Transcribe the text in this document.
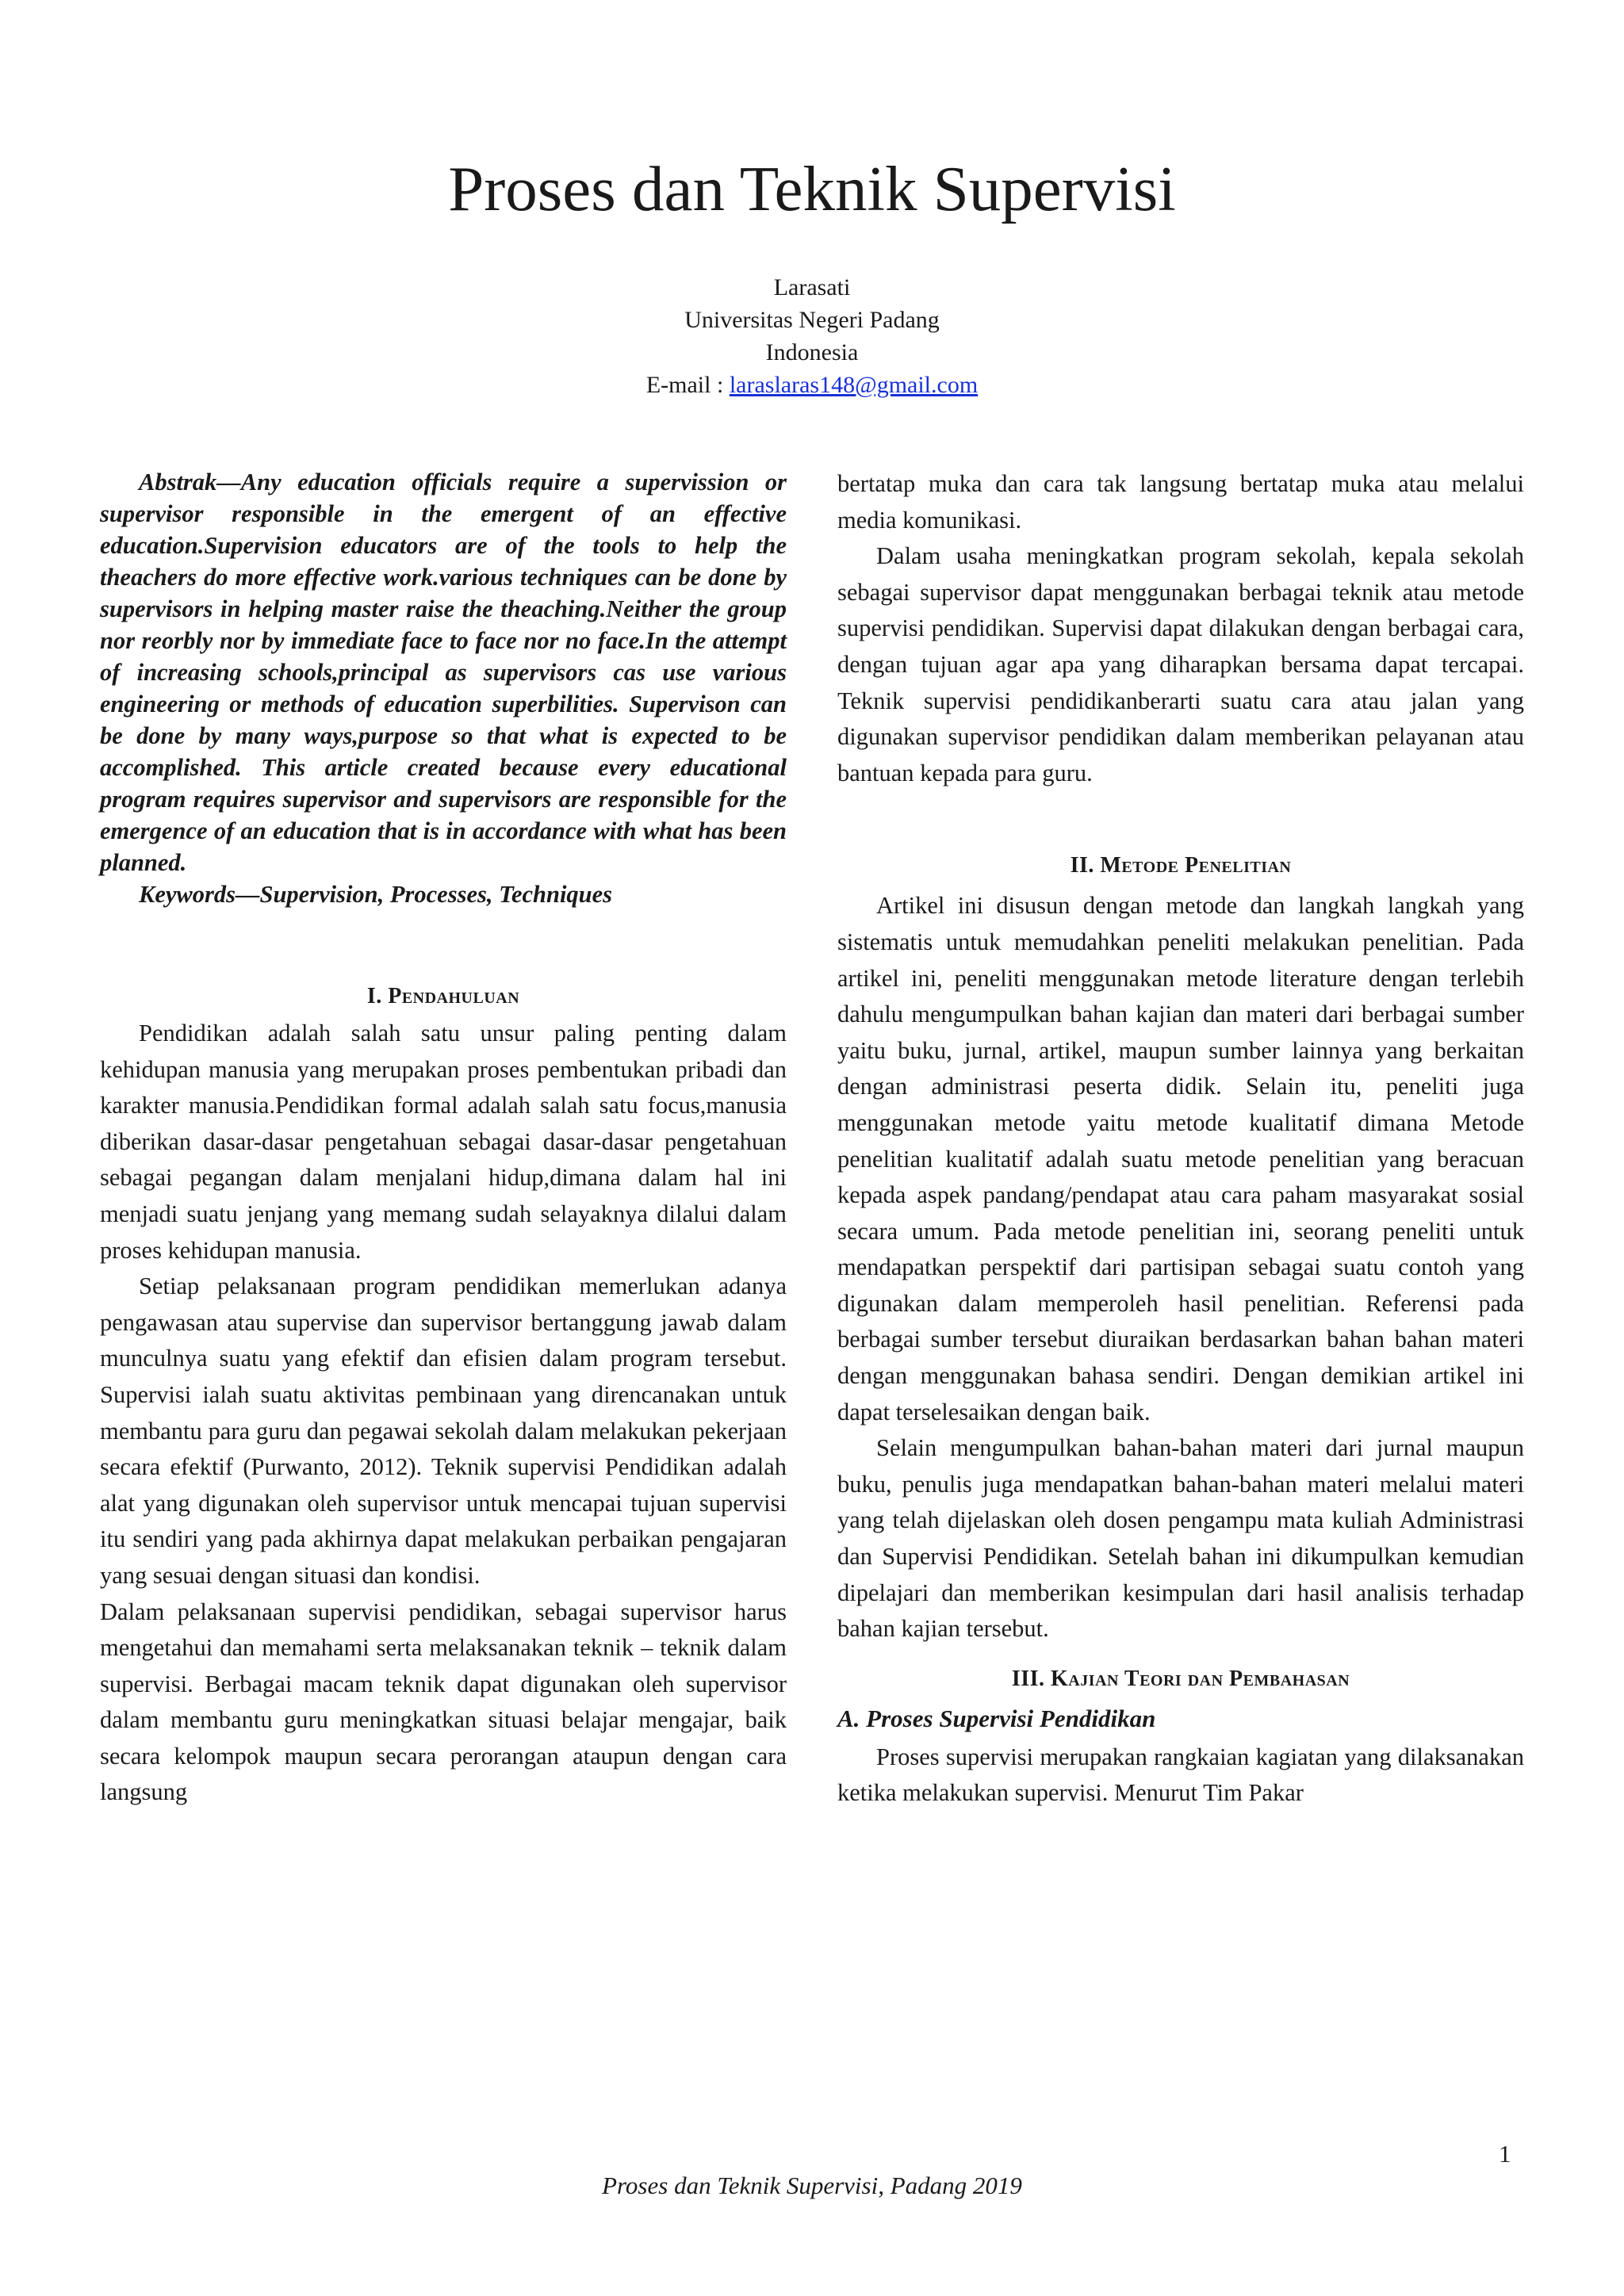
Proses dan Teknik Supervisi
Larasati
Universitas Negeri Padang
Indonesia
E-mail : laraslaras148@gmail.com

Abstrak—Any education officials require a supervission or supervisor responsible in the emergent of an effective education.Supervision educators are of the tools to help the theachers do more effective work.various techniques can be done by supervisors in helping master raise the theaching.Neither the group nor reorbly nor by immediate face to face nor no face.In the attempt of increasing schools,principal as supervisors cas use various engineering or methods of education superbilities. Supervison can be done by many ways,purpose so that what is expected to be accomplished. This article created because every educational program requires supervisor and supervisors are responsible for the emergence of an education that is in accordance with what has been planned.

Keywords—Supervision, Processes, Techniques

I. Pendahuluan

Pendidikan adalah salah satu unsur paling penting dalam kehidupan manusia yang merupakan proses pembentukan pribadi dan karakter manusia.Pendidikan formal adalah salah satu focus,manusia diberikan dasar-dasar pengetahuan sebagai dasar-dasar pengetahuan sebagai pegangan dalam menjalani hidup,dimana dalam hal ini menjadi suatu jenjang yang memang sudah selayaknya dilalui dalam proses kehidupan manusia.

Setiap pelaksanaan program pendidikan memerlukan adanya pengawasan atau supervise dan supervisor bertanggung jawab dalam munculnya suatu yang efektif dan efisien dalam program tersebut. Supervisi ialah suatu aktivitas pembinaan yang direncanakan untuk membantu para guru dan pegawai sekolah dalam melakukan pekerjaan secara efektif (Purwanto, 2012). Teknik supervisi Pendidikan adalah alat yang digunakan oleh supervisor untuk mencapai tujuan supervisi itu sendiri yang pada akhirnya dapat melakukan perbaikan pengajaran yang sesuai dengan situasi dan kondisi.

Dalam pelaksanaan supervisi pendidikan, sebagai supervisor harus mengetahui dan memahami serta melaksanakan teknik – teknik dalam supervisi. Berbagai macam teknik dapat digunakan oleh supervisor dalam membantu guru meningkatkan situasi belajar mengajar, baik secara kelompok maupun secara perorangan ataupun dengan cara langsung

bertatap muka dan cara tak langsung bertatap muka atau melalui media komunikasi.

Dalam usaha meningkatkan program sekolah, kepala sekolah sebagai supervisor dapat menggunakan berbagai teknik atau metode supervisi pendidikan. Supervisi dapat dilakukan dengan berbagai cara, dengan tujuan agar apa yang diharapkan bersama dapat tercapai. Teknik supervisi pendidikanberarti suatu cara atau jalan yang digunakan supervisor pendidikan dalam memberikan pelayanan atau bantuan kepada para guru.

II. Metode Penelitian

Artikel ini disusun dengan metode dan langkah langkah yang sistematis untuk memudahkan peneliti melakukan penelitian. Pada artikel ini, peneliti menggunakan metode literature dengan terlebih dahulu mengumpulkan bahan kajian dan materi dari berbagai sumber yaitu buku, jurnal, artikel, maupun sumber lainnya yang berkaitan dengan administrasi peserta didik. Selain itu, peneliti juga menggunakan metode yaitu metode kualitatif dimana Metode penelitian kualitatif adalah suatu metode penelitian yang beracuan kepada aspek pandang/pendapat atau cara paham masyarakat sosial secara umum. Pada metode penelitian ini, seorang peneliti untuk mendapatkan perspektif dari partisipan sebagai suatu contoh yang digunakan dalam memperoleh hasil penelitian. Referensi pada berbagai sumber tersebut diuraikan berdasarkan bahan bahan materi dengan menggunakan bahasa sendiri. Dengan demikian artikel ini dapat terselesaikan dengan baik.

Selain mengumpulkan bahan-bahan materi dari jurnal maupun buku, penulis juga mendapatkan bahan-bahan materi melalui materi yang telah dijelaskan oleh dosen pengampu mata kuliah Administrasi dan Supervisi Pendidikan. Setelah bahan ini dikumpulkan kemudian dipelajari dan memberikan kesimpulan dari hasil analisis terhadap bahan kajian tersebut.

III. Kajian Teori dan Pembahasan
A. Proses Supervisi Pendidikan

Proses supervisi merupakan rangkaian kagiatan yang dilaksanakan ketika melakukan supervisi. Menurut Tim Pakar

1
Proses dan Teknik Supervisi, Padang 2019
